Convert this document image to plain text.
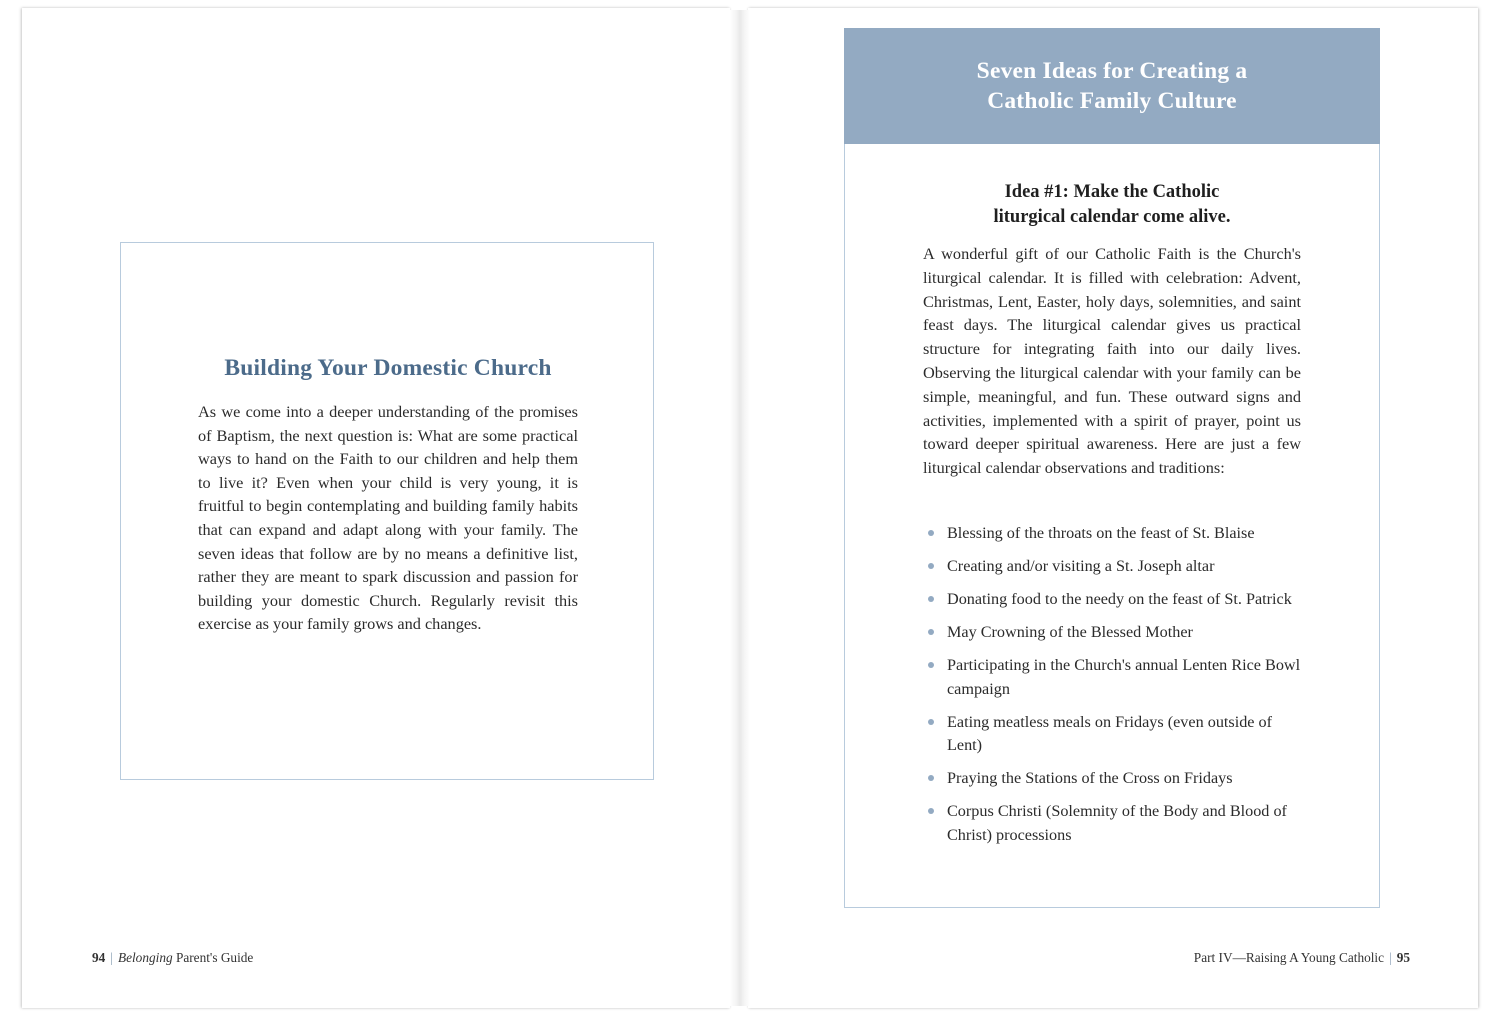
Building Your Domestic Church
As we come into a deeper understanding of the promises of Baptism, the next question is: What are some practical ways to hand on the Faith to our children and help them to live it? Even when your child is very young, it is fruitful to begin contemplating and building family habits that can expand and adapt along with your family. The seven ideas that follow are by no means a definitive list, rather they are meant to spark discussion and passion for building your domestic Church. Regularly revisit this exercise as your family grows and changes.
94 | Belonging Parent's Guide
Seven Ideas for Creating a
Catholic Family Culture
Idea #1: Make the Catholic
liturgical calendar come alive.
A wonderful gift of our Catholic Faith is the Church's liturgical calendar. It is filled with celebration: Advent, Christmas, Lent, Easter, holy days, solemnities, and saint feast days. The liturgical calendar gives us practical structure for integrating faith into our daily lives. Observing the liturgical calendar with your family can be simple, meaningful, and fun. These outward signs and activities, implemented with a spirit of prayer, point us toward deeper spiritual awareness. Here are just a few liturgical calendar observations and traditions:
Blessing of the throats on the feast of St. Blaise
Creating and/or visiting a St. Joseph altar
Donating food to the needy on the feast of St. Patrick
May Crowning of the Blessed Mother
Participating in the Church's annual Lenten Rice Bowl campaign
Eating meatless meals on Fridays (even outside of Lent)
Praying the Stations of the Cross on Fridays
Corpus Christi (Solemnity of the Body and Blood of Christ) processions
Part IV—Raising A Young Catholic | 95
